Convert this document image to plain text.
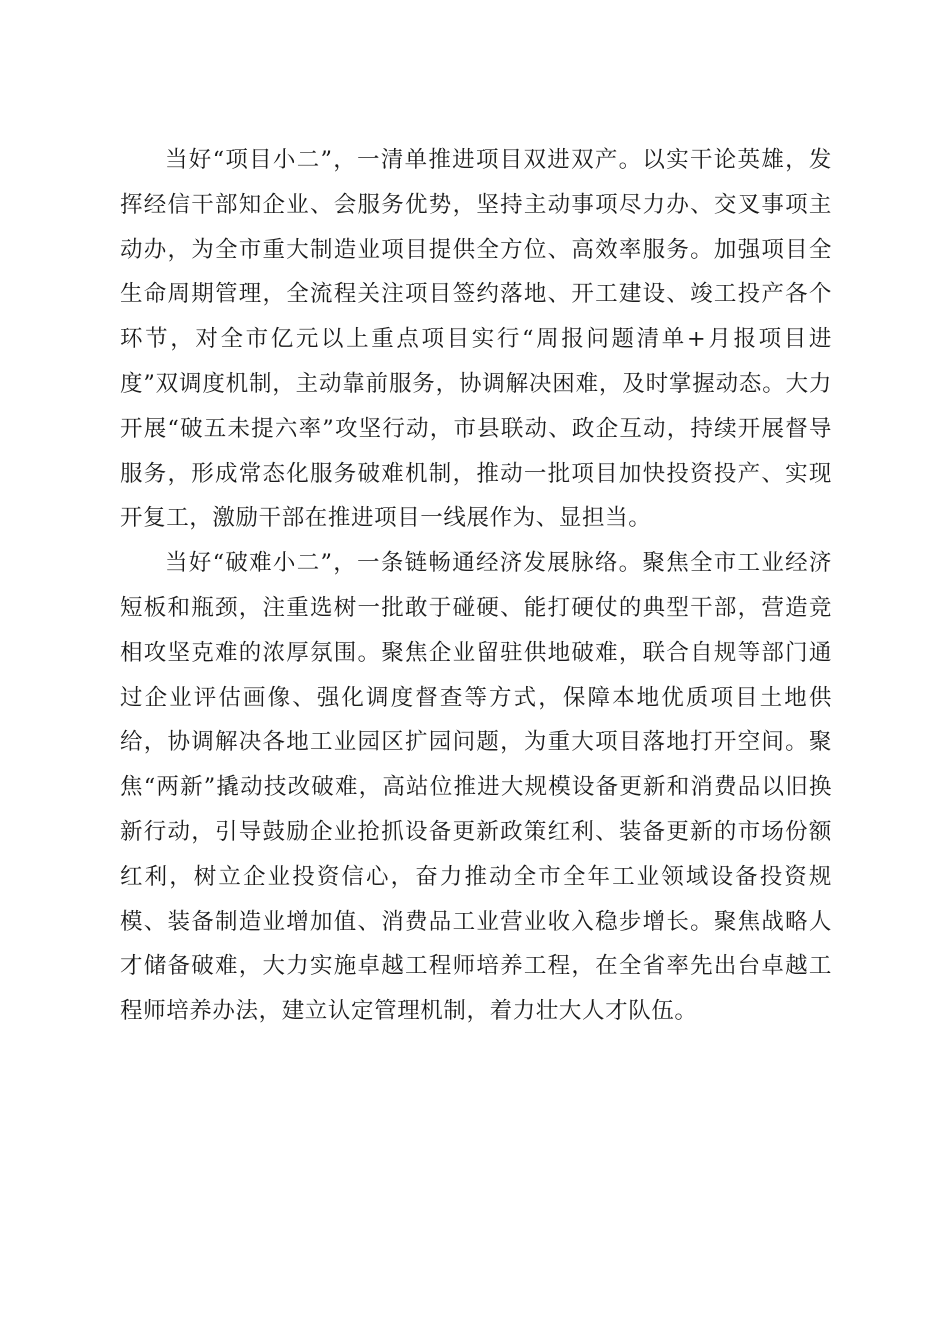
当好“项目小二”，一清单推进项目双进双产。以实干论英雄，发挥经信干部知企业、会服务优势，坚持主动事项尽力办、交叉事项主动办，为全市重大制造业项目提供全方位、高效率服务。加强项目全生命周期管理，全流程关注项目签约落地、开工建设、竣工投产各个环节，对全市亿元以上重点项目实行“周报问题清单+月报项目进度”双调度机制，主动靠前服务，协调解决困难，及时掌握动态。大力开展“破五未提六率”攻坚行动，市县联动、政企互动，持续开展督导服务，形成常态化服务破难机制，推动一批项目加快投资投产、实现开复工，激励干部在推进项目一线展作为、显担当。

当好“破难小二”，一条链畅通经济发展脉络。聚焦全市工业经济短板和瓶颈，注重选树一批敢于碰硬、能打硬仗的典型干部，营造竞相攻坚克难的浓厚氛围。聚焦企业留驻供地破难，联合自规等部门通过企业评估画像、强化调度督查等方式，保障本地优质项目土地供给，协调解决各地工业园区扩园问题，为重大项目落地打开空间。聚焦“两新”撬动技改破难，高站位推进大规模设备更新和消费品以旧换新行动，引导鼓励企业抢抓设备更新政策红利、装备更新的市场份额红利，树立企业投资信心，奋力推动全市全年工业领域设备投资规模、装备制造业增加值、消费品工业营业收入稳步增长。聚焦战略人才储备破难，大力实施卓越工程师培养工程，在全省率先出台卓越工程师培养办法，建立认定管理机制，着力壮大人才队伍。
